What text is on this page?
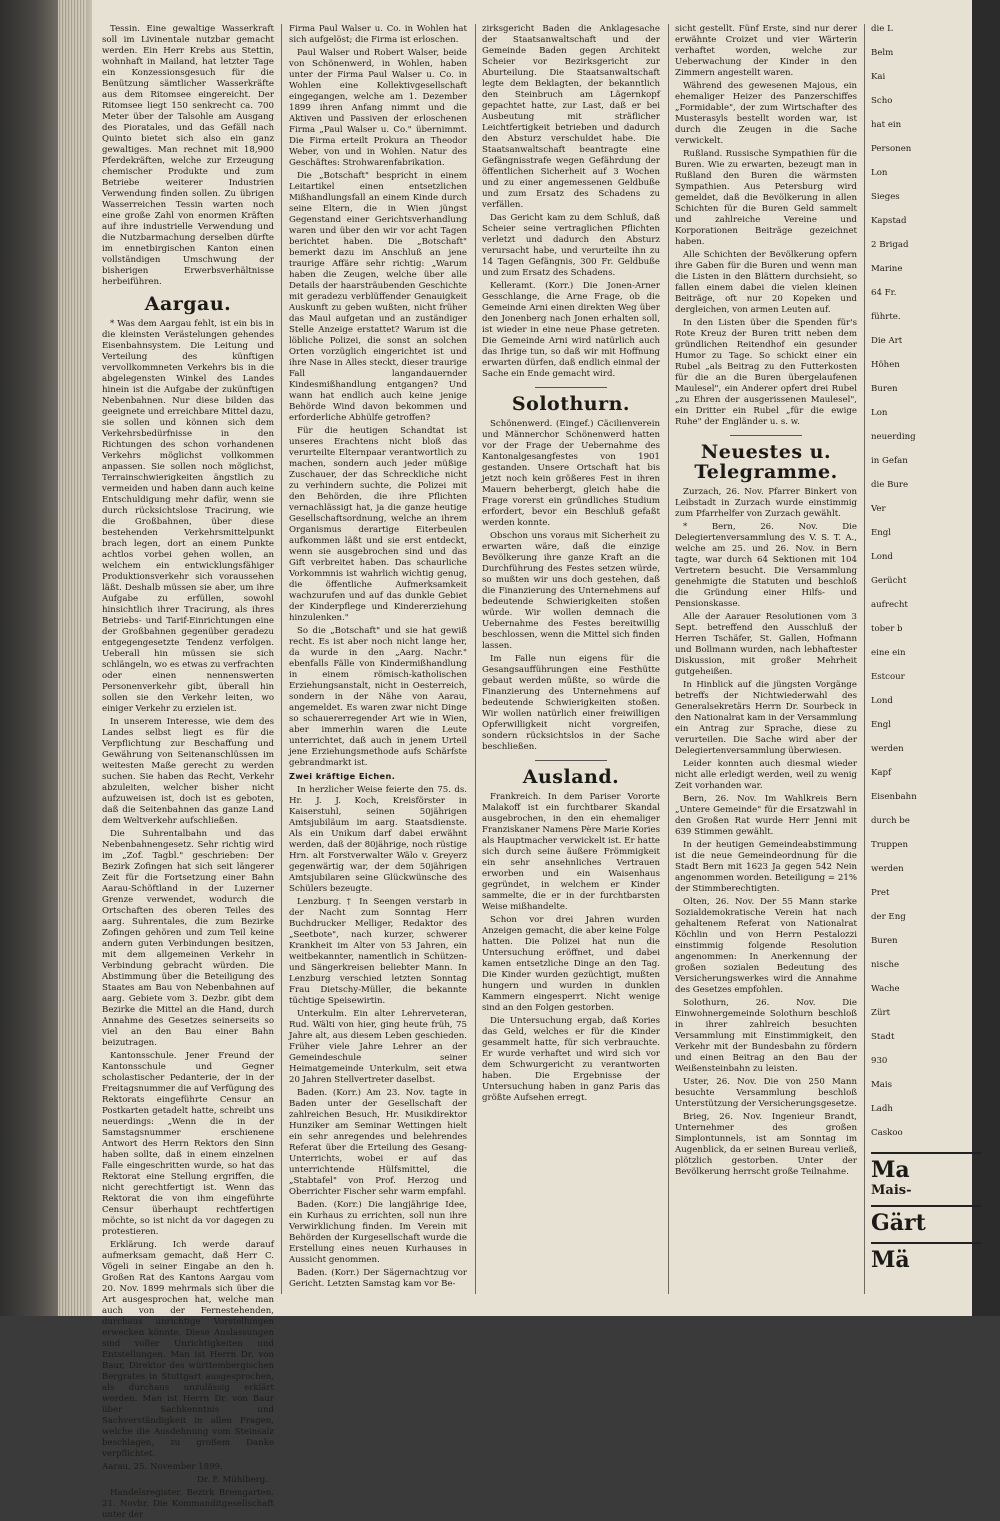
Tessin. Eine gewaltige Wasserkraft soll im Livinentale nutzbar gemacht werden. Ein Herr Krebs aus Stettin, wohnhaft in Mailand, hat letzter Tage ein Konzessionsgesuch für die Benützung sämtlicher Wasserkräfte aus dem Ritomsee eingereicht. Der Ritomsee liegt 150 senkrecht ca. 700 Meter über der Talsohle am Ausgang des Pioratales, und das Gefäll nach Quinto bietet sich also ein ganz gewaltiges. Man rechnet mit 18,900 Pferdekräften, welche zur Erzeugung chemischer Produkte und zum Betriebe weiterer Industrien Verwendung finden sollen. Zu übrigen Wasserreichen Tessin warten noch eine große Zahl von enormen Kräften auf ihre industrielle Verwendung und die Nutzbarmachung derselben dürfte im ennetbirgischen Kanton einen vollständigen Umschwung der bisherigen Erwerbsverhältnisse herbeiführen.

Aargau.

* Was dem Aargau fehlt, ist ein bis in die kleinsten Verästelungen gehendes Eisenbahnsystem. Die Leitung und Verteilung des künftigen vervollkommneten Verkehrs bis in die abgelegensten Winkel des Landes hinein ist die Aufgabe der zukünftigen Nebenbahnen. Nur diese bilden das geeignete und erreichbare Mittel dazu, sie sollen und können sich dem Verkehrsbedürfnisse in den Richtungen des schon vorhandenen Verkehrs möglichst vollkommen anpassen. Sie sollen noch möglichst, Terrainschwierigkeiten ängstlich zu vermeiden und haben dann auch keine Entschuldigung mehr dafür, wenn sie durch rücksichtslose Tracirung, wie die Großbahnen, über diese bestehenden Verkehrsmittelpunkt brach legen, dort an einem Punkte achtlos vorbei gehen wollen, an welchem ein entwicklungsfähiger Produktionsverkehr sich voraussehen läßt. Deshalb müssen sie aber, um ihre Aufgabe zu erfüllen, sowohl hinsichtlich ihrer Tracirung, als ihres Betriebs- und Tarif-Einrichtungen eine der Großbahnen gegenüber geradezu entgegengesetzte Tendenz verfolgen. Ueberall hin müssen sie sich schlängeln, wo es etwas zu verfrachten oder einen nennenswerten Personenverkehr gibt, überall hin sollen sie den Verkehr leiten, wo einiger Verkehr zu erzielen ist.

In unserem Interesse, wie dem des Landes selbst liegt es für die Verpflichtung zur Beschaffung und Gewährung von Seitenanschlüssen im weitesten Maße gerecht zu werden suchen. Sie haben das Recht, Verkehr abzuleiten, welcher bisher nicht aufzuweisen ist, doch ist es geboten, daß die Seitenbahnen das ganze Land dem Weltverkehr aufschließen.

Die Suhrentalbahn und das Nebenbahnengesetz. Sehr richtig wird im „Zof. Tagbl." geschrieben: Der Bezirk Zofingen hat sich seit längerer Zeit für die Fortsetzung einer Bahn Aarau-Schöftland in der Luzerner Grenze verwendet, wodurch die Ortschaften des oberen Teiles des aarg. Suhrentales, die zum Bezirke Zofingen gehören und zum Teil keine andern guten Verbindungen besitzen, mit dem allgemeinen Verkehr in Verbindung gebracht würden. Die Abstimmung über die Beteiligung des Staates am Bau von Nebenbahnen auf aarg. Gebiete vom 3. Dezbr. gibt dem Bezirke die Mittel an die Hand, durch Annahme des Gesetzes seinerseits so viel an den Bau einer Bahn beizutragen.

Kantonsschule. Jener Freund der Kantonsschule und Gegner scholastischer Pedanterie, der in der Freitagsnummer die auf Verfügung des Rektorats eingeführte Censur an Postkarten getadelt hatte, schreibt uns neuerdings: „Wenn die in der Samstagsnummer erschienene Antwort des Herrn Rektors den Sinn haben sollte, daß in einem einzelnen Falle eingeschritten wurde, so hat das Rektorat eine Stellung ergriffen, die nicht gerechtfertigt ist. Wenn das Rektorat die von ihm eingeführte Censur überhaupt rechtfertigen möchte, so ist nicht da vor dagegen zu protestieren.

Erklärung. Ich werde darauf aufmerksam gemacht, daß Herr C. Vögeli in seiner Eingabe an den h. Großen Rat des Kantons Aargau vom 20. Nov. 1899 mehrmals sich über die Art ausgesprochen hat, welche man auch von der Fernestehenden, durchaus unrichtige Vorstellungen erwecken könnte. Diese Auslassungen sind voller Unrichtigkeiten und Entstellungen. Man ist Herrn Dr. von Baur, Direktor des württembergischen Bergrates in Stuttgart ausgesprochen, als durchaus unzulässig erklärt werden. Man ist Herrn Dr. von Baur über Sachkenntnis und Sachverständigkeit in allen Fragen, welche die Ausdehnung vom Steinsalz beschlagen, zu großem Danke verpflichtet.

Aarau, 25. November 1899.

Dr. F. Mühlberg.

Handelsregister. Bezirk Bremgarten. 21. Novbr. Die Kommanditgesellschaft unter der

Firma Paul Walser u. Co. in Wohlen hat sich aufgelöst; die Firma ist erloschen.

Paul Walser und Robert Walser, beide von Schönenwerd, in Wohlen, haben unter der Firma Paul Walser u. Co. in Wohlen eine Kollektivgesellschaft eingegangen, welche am 1. Dezember 1899 ihren Anfang nimmt und die Aktiven und Passiven der erloschenen Firma „Paul Walser u. Co." übernimmt. Die Firma erteilt Prokura an Theodor Weber, von und in Wohlen. Natur des Geschäftes: Strohwarenfabrikation.

Die „Botschaft" bespricht in einem Leitartikel einen entsetzlichen Mißhandlungsfall an einem Kinde durch seine Eltern, die in Wien jüngst Gegenstand einer Gerichtsverhandlung waren und über den wir vor acht Tagen berichtet haben. Die „Botschaft" bemerkt dazu im Anschluß an jene traurige Affäre sehr richtig: „Warum haben die Zeugen, welche über alle Details der haarsträubenden Geschichte mit geradezu verblüffender Genauigkeit Auskunft zu geben wußten, nicht früher das Maul aufgetan und an zuständiger Stelle Anzeige erstattet? Warum ist die löbliche Polizei, die sonst an solchen Orten vorzüglich eingerichtet ist und ihre Nase in Alles steckt, dieser traurige Fall langandauernder Kindesmißhandlung entgangen? Und wann hat endlich auch keine jenige Behörde Wind davon bekommen und erforderliche Abhülfe getroffen?

Für die heutigen Schandtat ist unseres Erachtens nicht bloß das verurteilte Elternpaar verantwortlich zu machen, sondern auch jeder müßige Zuschauer, der das Schreckliche nicht zu verhindern suchte, die Polizei mit den Behörden, die ihre Pflichten vernachlässigt hat, ja die ganze heutige Gesellschaftsordnung, welche an ihrem Organismus derartige Eiterbeulen aufkommen läßt und sie erst entdeckt, wenn sie ausgebrochen sind und das Gift verbreitet haben. Das schaurliche Vorkommnis ist wahrlich wichtig genug, die öffentliche Aufmerksamkeit wachzurufen und auf das dunkle Gebiet der Kinderpflege und Kindererziehung hinzulenken."

So die „Botschaft" und sie hat gewiß recht. Es ist aber noch nicht lange her, da wurde in den „Aarg. Nachr." ebenfalls Fälle von Kindermißhandlung in einem römisch-katholischen Erziehungsanstalt, nicht in Oesterreich, sondern in der Nähe von Aarau, angemeldet. Es waren zwar nicht Dinge so schauererregender Art wie in Wien, aber immerhin waren die Leute unterrichtet, daß auch in jenem Urteil jene Erziehungsmethode aufs Schärfste gebrandmarkt ist.

Zwei kräftige Eichen.

In herzlicher Weise feierte den 75. ds. Hr. J. J. Koch, Kreisförster in Kaiserstuhl, seinen 50jährigen Amtsjubiläum im aarg. Staatsdienste. Als ein Unikum darf dabei erwähnt werden, daß der 80jährige, noch rüstige Hrn. alt Forstverwalter Wälo v. Greyerz gegenwärtig war, der dem 50jährigen Amtsjubilaren seine Glückwünsche des Schülers bezeugte.

Lenzburg. † In Seengen verstarb in der Nacht zum Sonntag Herr Buchdrucker Melliger, Redaktor des „Seetbote", nach kurzer, schwerer Krankheit im Alter von 53 Jahren, ein weitbekannter, namentlich in Schützen- und Sängerkreisen beliebter Mann. In Lenzburg verschied letzten Sonntag Frau Dietschy-Müller, die bekannte tüchtige Speisewirtin.

Unterkulm. Ein alter Lehrerveteran, Rud. Wälti von hier, ging heute früh, 75 Jahre alt, aus diesem Leben geschieden. Früher viele Jahre Lehrer an der Gemeindeschule seiner Heimatgemeinde Unterkulm, seit etwa 20 Jahren Stellvertreter daselbst.

Baden. (Korr.) Am 23. Nov. tagte in Baden unter der Gesellschaft der zahlreichen Besuch, Hr. Musikdirektor Hunziker am Seminar Wettingen hielt ein sehr anregendes und belehrendes Referat über die Erteilung des Gesang-Unterrichts, wobei er auf das unterrichtende Hülfsmittel, die „Stabtafel" von Prof. Herzog und Oberrichter Fischer sehr warm empfahl.

Baden. (Korr.) Die langjährige Idee, ein Kurhaus zu errichten, soll nun ihre Verwirklichung finden. Im Verein mit Behörden der Kurgesellschaft wurde die Erstellung eines neuen Kurhauses in Aussicht genommen.

Baden. (Korr.) Der Sägernachtzug vor Gericht. Letzten Samstag kam vor Be-

zirksgericht Baden die Anklagesache der Staatsanwaltschaft und der Gemeinde Baden gegen Architekt Scheier vor Bezirksgericht zur Aburteilung. Die Staatsanwaltschaft legte dem Beklagten, der bekanntlich den Steinbruch am Lägernkopf gepachtet hatte, zur Last, daß er bei Ausbeutung mit sträflicher Leichtfertigkeit betrieben und dadurch den Absturz verschuldet habe. Die Staatsanwaltschaft beantragte eine Gefängnisstrafe wegen Gefährdung der öffentlichen Sicherheit auf 3 Wochen und zu einer angemessenen Geldbuße und zum Ersatz des Schadens zu verfällen.

Das Gericht kam zu dem Schluß, daß Scheier seine vertraglichen Pflichten verletzt und dadurch den Absturz verursacht habe, und verurteilte ihn zu 14 Tagen Gefängnis, 300 Fr. Geldbuße und zum Ersatz des Schadens.

Kelleramt. (Korr.) Die Jonen-Arner Gesschlange, die Arne Frage, ob die Gemeinde Arni einen direkten Weg über den Jonenberg nach Jonen erhalten soll, ist wieder in eine neue Phase getreten. Die Gemeinde Arni wird natürlich auch das Ihrige tun, so daß wir mit Hoffnung erwarten dürfen, daß endlich einmal der Sache ein Ende gemacht wird.

Solothurn.

Schönenwerd. (Eingef.) Cäcilienverein und Männerchor Schönenwerd hatten vor der Frage der Uebernahme des Kantonalgesangfestes von 1901 gestanden. Unsere Ortschaft hat bis jetzt noch kein größeres Fest in ihren Mauern beherbergt, gleich habe die Frage vorerst ein gründliches Studium erfordert, bevor ein Beschluß gefaßt werden konnte.

Obschon uns voraus mit Sicherheit zu erwarten wäre, daß die einzige Bevölkerung ihre ganze Kraft an die Durchführung des Festes setzen würde, so mußten wir uns doch gestehen, daß die Finanzierung des Unternehmens auf bedeutende Schwierigkeiten stoßen würde. Wir wollen demnach die Uebernahme des Festes bereitwillig beschlossen, wenn die Mittel sich finden lassen.

Im Falle nun eigens für die Gesangsaufführungen eine Festhütte gebaut werden müßte, so würde die Finanzierung des Unternehmens auf bedeutende Schwierigkeiten stoßen. Wir wollen natürlich einer freiwilligen Opferwilligkeit nicht vorgreifen, sondern rücksichtslos in der Sache beschließen.

Ausland.

Frankreich. In dem Pariser Vororte Malakoff ist ein furchtbarer Skandal ausgebrochen, in den ein ehemaliger Franziskaner Namens Père Marie Kories als Hauptmacher verwickelt ist. Er hatte sich durch seine äußere Frömmigkeit ein sehr ansehnliches Vertrauen erworben und ein Waisenhaus gegründet, in welchem er Kinder sammelte, die er in der furchtbarsten Weise mißhandelte.

Schon vor drei Jahren wurden Anzeigen gemacht, die aber keine Folge hatten. Die Polizei hat nun die Untersuchung eröffnet, und dabei kamen entsetzliche Dinge an den Tag. Die Kinder wurden gezüchtigt, mußten hungern und wurden in dunklen Kammern eingesperrt. Nicht wenige sind an den Folgen gestorben.

Die Untersuchung ergab, daß Kories das Geld, welches er für die Kinder gesammelt hatte, für sich verbrauchte. Er wurde verhaftet und wird sich vor dem Schwurgericht zu verantworten haben. Die Ergebnisse der Untersuchung haben in ganz Paris das größte Aufsehen erregt.

sicht gestellt. Fünf Erste, sind nur derer erwähnte Croizet und vier Wärterin verhaftet worden, welche zur Ueberwachung der Kinder in den Zimmern angestellt waren.

Während des gewesenen Majous, ein ehemaliger Heizer des Panzerschiffes „Formidable", der zum Wirtschafter des Musterasyls bestellt worden war, ist durch die Zeugen in die Sache verwickelt.

Rußland. Russische Sympathien für die Buren. Wie zu erwarten, bezeugt man in Rußland den Buren die wärmsten Sympathien. Aus Petersburg wird gemeldet, daß die Bevölkerung in allen Schichten für die Buren Geld sammelt und zahlreiche Vereine und Korporationen Beiträge gezeichnet haben.

Alle Schichten der Bevölkerung opfern ihre Gaben für die Buren und wenn man die Listen in den Blättern durchsieht, so fallen einem dabei die vielen kleinen Beiträge, oft nur 20 Kopeken und dergleichen, von armen Leuten auf.

In den Listen über die Spenden für's Rote Kreuz der Buren tritt neben dem gründlichen Reitendhof ein gesunder Humor zu Tage. So schickt einer ein Rubel „als Beitrag zu den Futterkosten für die an die Buren übergelaufenen Maulesel", ein Anderer opfert drei Rubel „zu Ehren der ausgerissenen Maulesel", ein Dritter ein Rubel „für die ewige Ruhe" der Engländer u. s. w.

Neuestes u. Telegramme.

Zurzach, 26. Nov. Pfarrer Binkert von Leibstadt in Zurzach wurde einstimmig zum Pfarrhelfer von Zurzach gewählt.

* Bern, 26. Nov. Die Delegiertenversammlung des V. S. T. A., welche am 25. und 26. Nov. in Bern tagte, war durch 64 Sektionen mit 104 Vertretern besucht. Die Versammlung genehmigte die Statuten und beschloß die Gründung einer Hilfs- und Pensionskasse.

Alle der Aarauer Resolutionen vom 3 Sept. betreffend den Ausschluß der Herren Tschäfer, St. Gallen, Hofmann und Bollmann wurden, nach lebhaftester Diskussion, mit großer Mehrheit gutgeheißen.

In Hinblick auf die jüngsten Vorgänge betreffs der Nichtwiederwahl des Generalsekretärs Herrn Dr. Sourbeck in den Nationalrat kam in der Versammlung ein Antrag zur Sprache, diese zu verurteilen. Die Sache wird aber der Delegiertenversammlung überwiesen.

Leider konnten auch diesmal wieder nicht alle erledigt werden, weil zu wenig Zeit vorhanden war.

Bern, 26. Nov. Im Wahlkreis Bern „Untere Gemeinde" für die Ersatzwahl in den Großen Rat wurde Herr Jenni mit 639 Stimmen gewählt.

In der heutigen Gemeindeabstimmung ist die neue Gemeindeordnung für die Stadt Bern mit 1623 Ja gegen 542 Nein angenommen worden. Beteiligung = 21% der Stimmberechtigten.

Olten, 26. Nov. Der 55 Mann starke Sozialdemokratische Verein hat nach gehaltenem Referat von Nationalrat Köchlin und von Herrn Pestalozzi einstimmig folgende Resolution angenommen: In Anerkennung der großen sozialen Bedeutung des Versicherungswerkes wird die Annahme des Gesetzes empfohlen.

Solothurn, 26. Nov. Die Einwohnergemeinde Solothurn beschloß in ihrer zahlreich besuchten Versammlung mit Einstimmigkeit, den Verkehr mit der Bundesbahn zu fördern und einen Beitrag an den Bau der Weißensteinbahn zu leisten.

Uster, 26. Nov. Die von 250 Mann besuchte Versammlung beschloß Unterstützung der Versicherungsgesetze.

Brieg, 26. Nov. Ingenieur Brandt, Unternehmer des großen Simplontunnels, ist am Sonntag im Augenblick, da er seinen Bureau verließ, plötzlich gestorben. Unter der Bevölkerung herrscht große Teilnahme.

die L

Belm

Kai

Scho

hat ein

Personen

Lon

Sieges

Kapstad

2 Brigad

Marine

64 Fr.

führte.

Die Art

Höhen

Buren

Lon

neuerding

in Gefan

die Bure

Ver

Engl

Lond

Gerücht

aufrecht

tober b

eine ein

Estcour

Lond

Engl

werden

Kapf

Eisenbahn

durch be

Truppen

werden

Pret

der Eng

Buren

nische

Wache

Zürt

Stadt

930

Mais

Ladh

Caskoo

Ma
Mais-
Gärt
Mä
